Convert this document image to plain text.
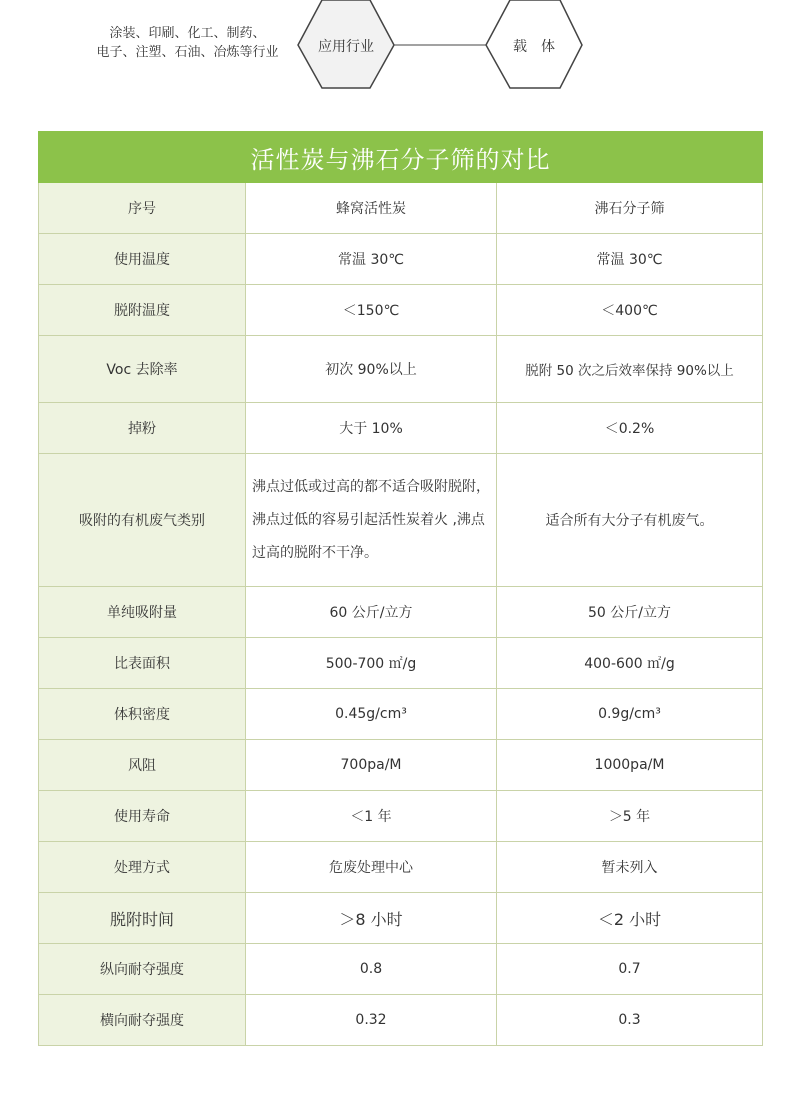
涂装、印刷、化工、制药、
电子、注塑、石油、冶炼等行业	应用行业	载　体
活性炭与沸石分子筛的对比		
序号	蜂窝活性炭	沸石分子筛
使用温度	常温 30℃	常温 30℃
脱附温度	＜150℃	＜400℃
Voc 去除率	初次 90%以上	脱附 50 次之后效率保持 90%以上
掉粉	大于 10%	＜0.2%
吸附的有机废气类别	沸点过低或过高的都不适合吸附脱附，沸点过低的容易引起活性炭着火 ,沸点过高的脱附不干净。	适合所有大分子有机废气。
单纯吸附量	60 公斤/立方	50 公斤/立方
比表面积	500-700 ㎡/g	400-600 ㎡/g
体积密度	0.45g/cm³	0.9g/cm³
风阻	700pa/M	1000pa/M
使用寿命	＜1 年	＞5 年
处理方式	危废处理中心	暂未列入
脱附时间	＞8 小时	＜2 小时
纵向耐夺强度	0.8	0.7
横向耐夺强度	0.32	0.3
